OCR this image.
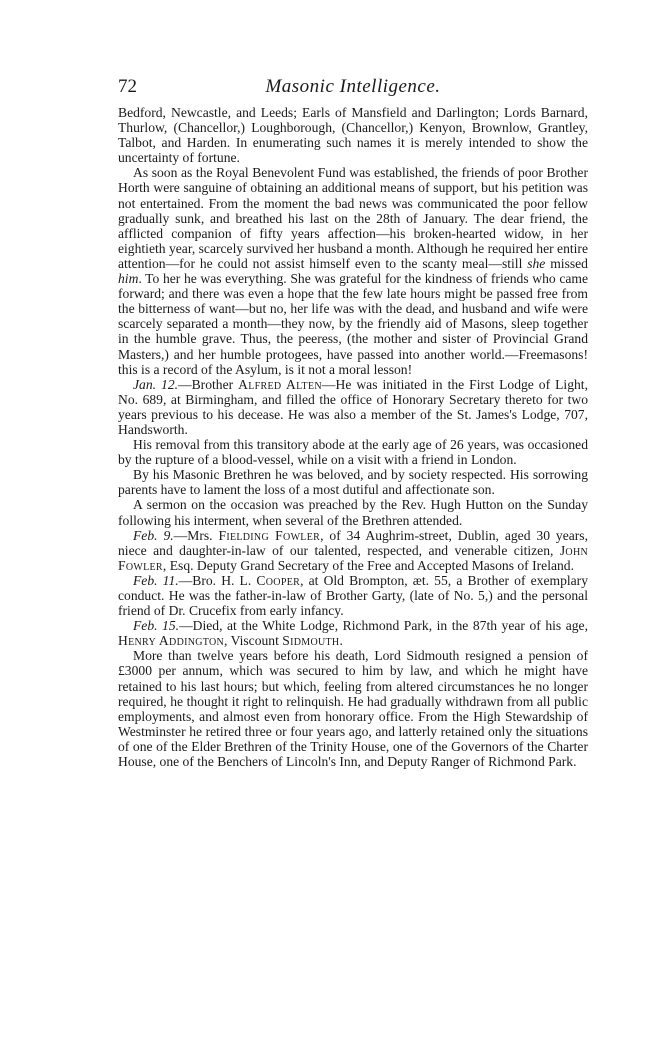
72	Masonic Intelligence.

Bedford, Newcastle, and Leeds; Earls of Mansfield and Darlington; Lords Barnard, Thurlow, (Chancellor,) Loughborough, (Chancellor,) Kenyon, Brownlow, Grantley, Talbot, and Harden. In enumerating such names it is merely intended to show the uncertainty of fortune.

As soon as the Royal Benevolent Fund was established, the friends of poor Brother Horth were sanguine of obtaining an additional means of support, but his petition was not entertained. From the moment the bad news was communicated the poor fellow gradually sunk, and breathed his last on the 28th of January. The dear friend, the afflicted companion of fifty years affection—his broken-hearted widow, in her eightieth year, scarcely survived her husband a month. Although he required her entire attention—for he could not assist himself even to the scanty meal—still she missed him. To her he was everything. She was grateful for the kindness of friends who came forward; and there was even a hope that the few late hours might be passed free from the bitterness of want—but no, her life was with the dead, and husband and wife were scarcely separated a month—they now, by the friendly aid of Masons, sleep together in the humble grave. Thus, the peeress, (the mother and sister of Provincial Grand Masters,) and her humble protogees, have passed into another world.—Freemasons! this is a record of the Asylum, is it not a moral lesson!

Jan. 12.—Brother Alfred Alten—He was initiated in the First Lodge of Light, No. 689, at Birmingham, and filled the office of Honorary Secretary thereto for two years previous to his decease. He was also a member of the St. James's Lodge, 707, Handsworth.

His removal from this transitory abode at the early age of 26 years, was occasioned by the rupture of a blood-vessel, while on a visit with a friend in London.

By his Masonic Brethren he was beloved, and by society respected. His sorrowing parents have to lament the loss of a most dutiful and affectionate son.

A sermon on the occasion was preached by the Rev. Hugh Hutton on the Sunday following his interment, when several of the Brethren attended.

Feb. 9.—Mrs. Fielding Fowler, of 34 Aughrim-street, Dublin, aged 30 years, niece and daughter-in-law of our talented, respected, and venerable citizen, John Fowler, Esq. Deputy Grand Secretary of the Free and Accepted Masons of Ireland.

Feb. 11.—Bro. H. L. Cooper, at Old Brompton, æt. 55, a Brother of exemplary conduct. He was the father-in-law of Brother Garty, (late of No. 5,) and the personal friend of Dr. Crucefix from early infancy.

Feb. 15.—Died, at the White Lodge, Richmond Park, in the 87th year of his age, Henry Addington, Viscount Sidmouth.

More than twelve years before his death, Lord Sidmouth resigned a pension of £3000 per annum, which was secured to him by law, and which he might have retained to his last hours; but which, feeling from altered circumstances he no longer required, he thought it right to relinquish. He had gradually withdrawn from all public employments, and almost even from honorary office. From the High Stewardship of Westminster he retired three or four years ago, and latterly retained only the situations of one of the Elder Brethren of the Trinity House, one of the Governors of the Charter House, one of the Benchers of Lincoln's Inn, and Deputy Ranger of Richmond Park.
